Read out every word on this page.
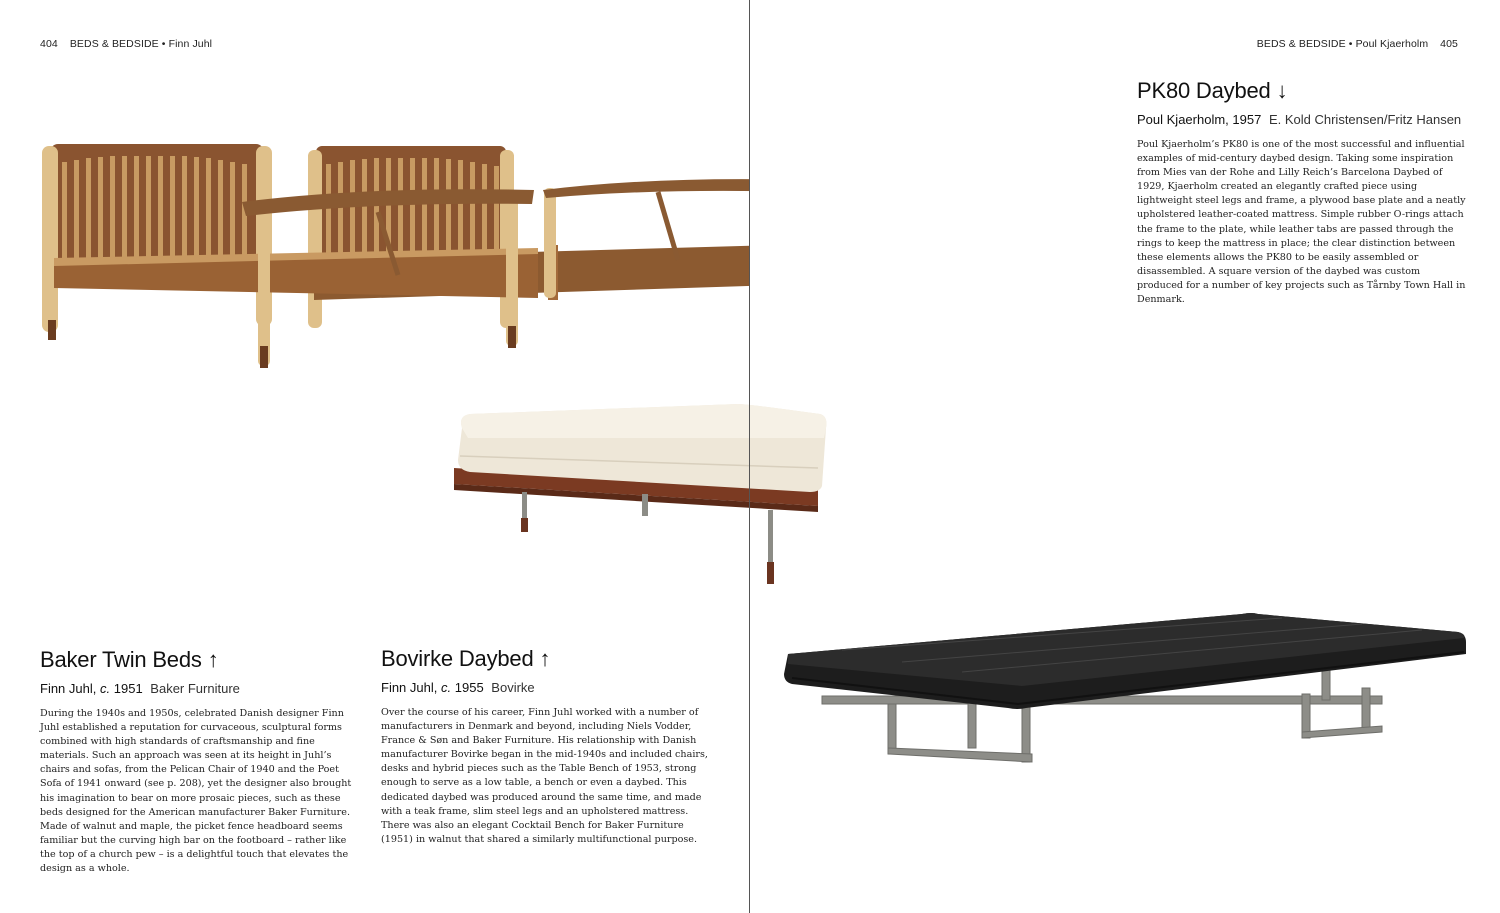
404 BEDS & BEDSIDE • Finn Juhl
Baker Twin Beds ↑
Finn Juhl, c. 1951 Baker Furniture
During the 1940s and 1950s, celebrated Danish designer Finn Juhl established a reputation for curvaceous, sculptural forms combined with high standards of craftsmanship and fine materials. Such an approach was seen at its height in Juhl’s chairs and sofas, from the Pelican Chair of 1940 and the Poet Sofa of 1941 onward (see p. 208), yet the designer also brought his imagination to bear on more prosaic pieces, such as these beds designed for the American manufacturer Baker Furniture. Made of walnut and maple, the picket fence headboard seems familiar but the curving high bar on the footboard – rather like the top of a church pew – is a delightful touch that elevates the design as a whole.
Bovirke Daybed ↑
Finn Juhl, c. 1955 Bovirke
Over the course of his career, Finn Juhl worked with a number of manufacturers in Denmark and beyond, including Niels Vodder, France & Søn and Baker Furniture. His relationship with Danish manufacturer Bovirke began in the mid-1940s and included chairs, desks and hybrid pieces such as the Table Bench of 1953, strong enough to serve as a low table, a bench or even a daybed. This dedicated daybed was produced around the same time, and made with a teak frame, slim steel legs and an upholstered mattress. There was also an elegant Cocktail Bench for Baker Furniture (1951) in walnut that shared a similarly multifunctional purpose.
BEDS & BEDSIDE • Poul Kjaerholm 405
PK80 Daybed ↓
Poul Kjaerholm, 1957 E. Kold Christensen/Fritz Hansen
Poul Kjaerholm’s PK80 is one of the most successful and influential examples of mid-century daybed design. Taking some inspiration from Mies van der Rohe and Lilly Reich’s Barcelona Daybed of 1929, Kjaerholm created an elegantly crafted piece using lightweight steel legs and frame, a plywood base plate and a neatly upholstered leather-coated mattress. Simple rubber O-rings attach the frame to the plate, while leather tabs are passed through the rings to keep the mattress in place; the clear distinction between these elements allows the PK80 to be easily assembled or disassembled. A square version of the daybed was custom produced for a number of key projects such as Tårnby Town Hall in Denmark.
